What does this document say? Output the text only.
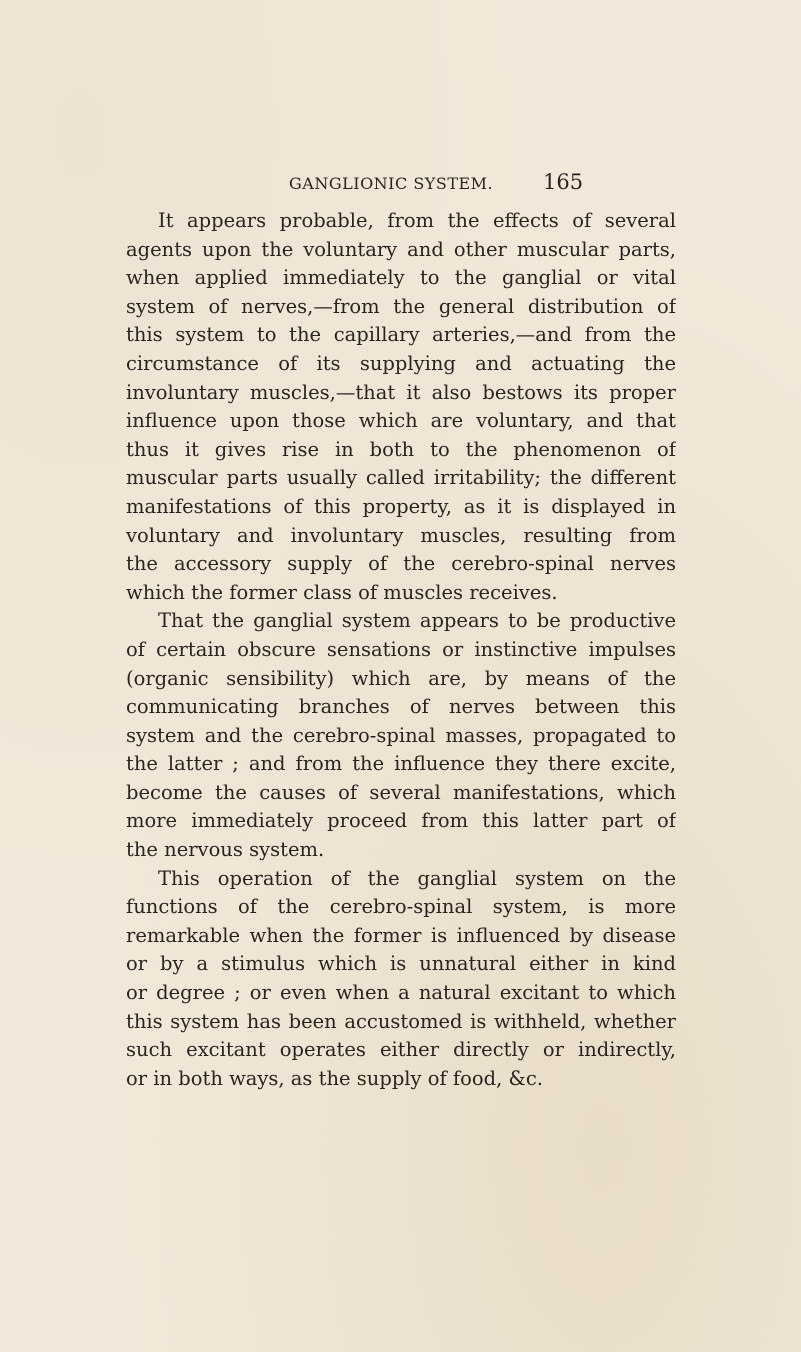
GANGLIONIC SYSTEM. 165
It appears probable, from the effects of several
agents upon the voluntary and other muscular parts,
when applied immediately to the ganglial or vital
system of nerves,—from the general distribution of
this system to the capillary arteries,—and from the
circumstance of its supplying and actuating the
involuntary muscles,—that it also bestows its proper
influence upon those which are voluntary, and that
thus it gives rise in both to the phenomenon of
muscular parts usually called irritability; the different
manifestations of this property, as it is displayed in
voluntary and involuntary muscles, resulting from
the accessory supply of the cerebro-spinal nerves
which the former class of muscles receives.
That the ganglial system appears to be productive
of certain obscure sensations or instinctive impulses
(organic sensibility) which are, by means of the
communicating branches of nerves between this
system and the cerebro-spinal masses, propagated to
the latter ; and from the influence they there excite,
become the causes of several manifestations, which
more immediately proceed from this latter part of
the nervous system.
This operation of the ganglial system on the
functions of the cerebro-spinal system, is more
remarkable when the former is influenced by disease
or by a stimulus which is unnatural either in kind
or degree ; or even when a natural excitant to which
this system has been accustomed is withheld, whether
such excitant operates either directly or indirectly,
or in both ways, as the supply of food, &c.
